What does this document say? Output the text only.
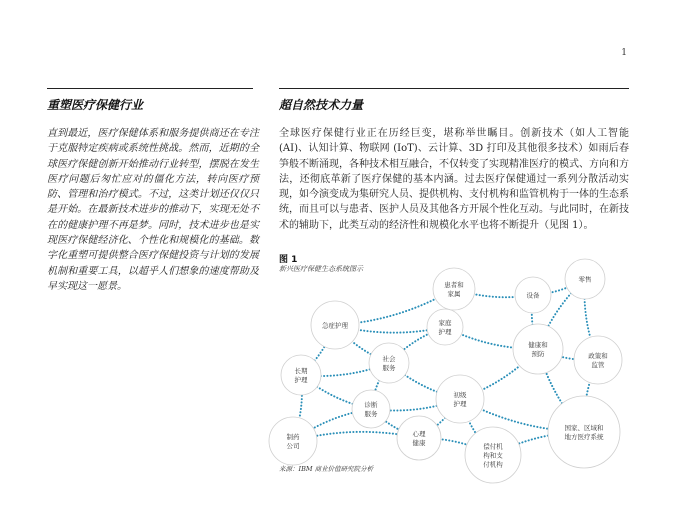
1
重塑医疗保健行业	超自然技术力量

直到最近，医疗保健体系和服务提供商还在专注于克服特定疾病或系统性挑战。然而，近期的全球医疗保健创新开始推动行业转型，摆脱在发生医疗问题后匆忙应对的僵化方法，转向医疗预防、管理和治疗模式。不过，这类计划还仅仅只是开始。在最新技术进步的推动下，实现无处不在的健康护理不再是梦。同时，技术进步也是实现医疗保健经济化、个性化和规模化的基础。数字化重塑可提供整合医疗保健投资与计划的发展机制和重要工具，以超乎人们想象的速度帮助及早实现这一愿景。

全球医疗保健行业正在历经巨变，堪称举世瞩目。创新技术（如人工智能 (AI)、认知计算、物联网 (IoT)、云计算、3D 打印及其他很多技术）如雨后春笋般不断涌现，各种技术相互融合，不仅转变了实现精准医疗的模式、方向和方法，还彻底革新了医疗保健的基本内涵。过去医疗保健通过一系列分散活动实现，如今演变成为集研究人员、提供机构、支付机构和监管机构于一体的生态系统，而且可以与患者、医护人员及其他各方开展个性化互动。与此同时，在新技术的辅助下，此类互动的经济性和规模化水平也将不断提升（见图 1）。

图 1
新兴医疗保健生态系统图示
患者和
家属	设备
零售
急症护理	家庭
护理
健康和
预防	政策和
监管
社会
服务
长期
护理
初级
护理
诊断
服务
国家、区域和
地方医疗系统
制药
公司
心理
健康	偿付机
构和支
付机构
来源：IBM 商业价值研究院分析
